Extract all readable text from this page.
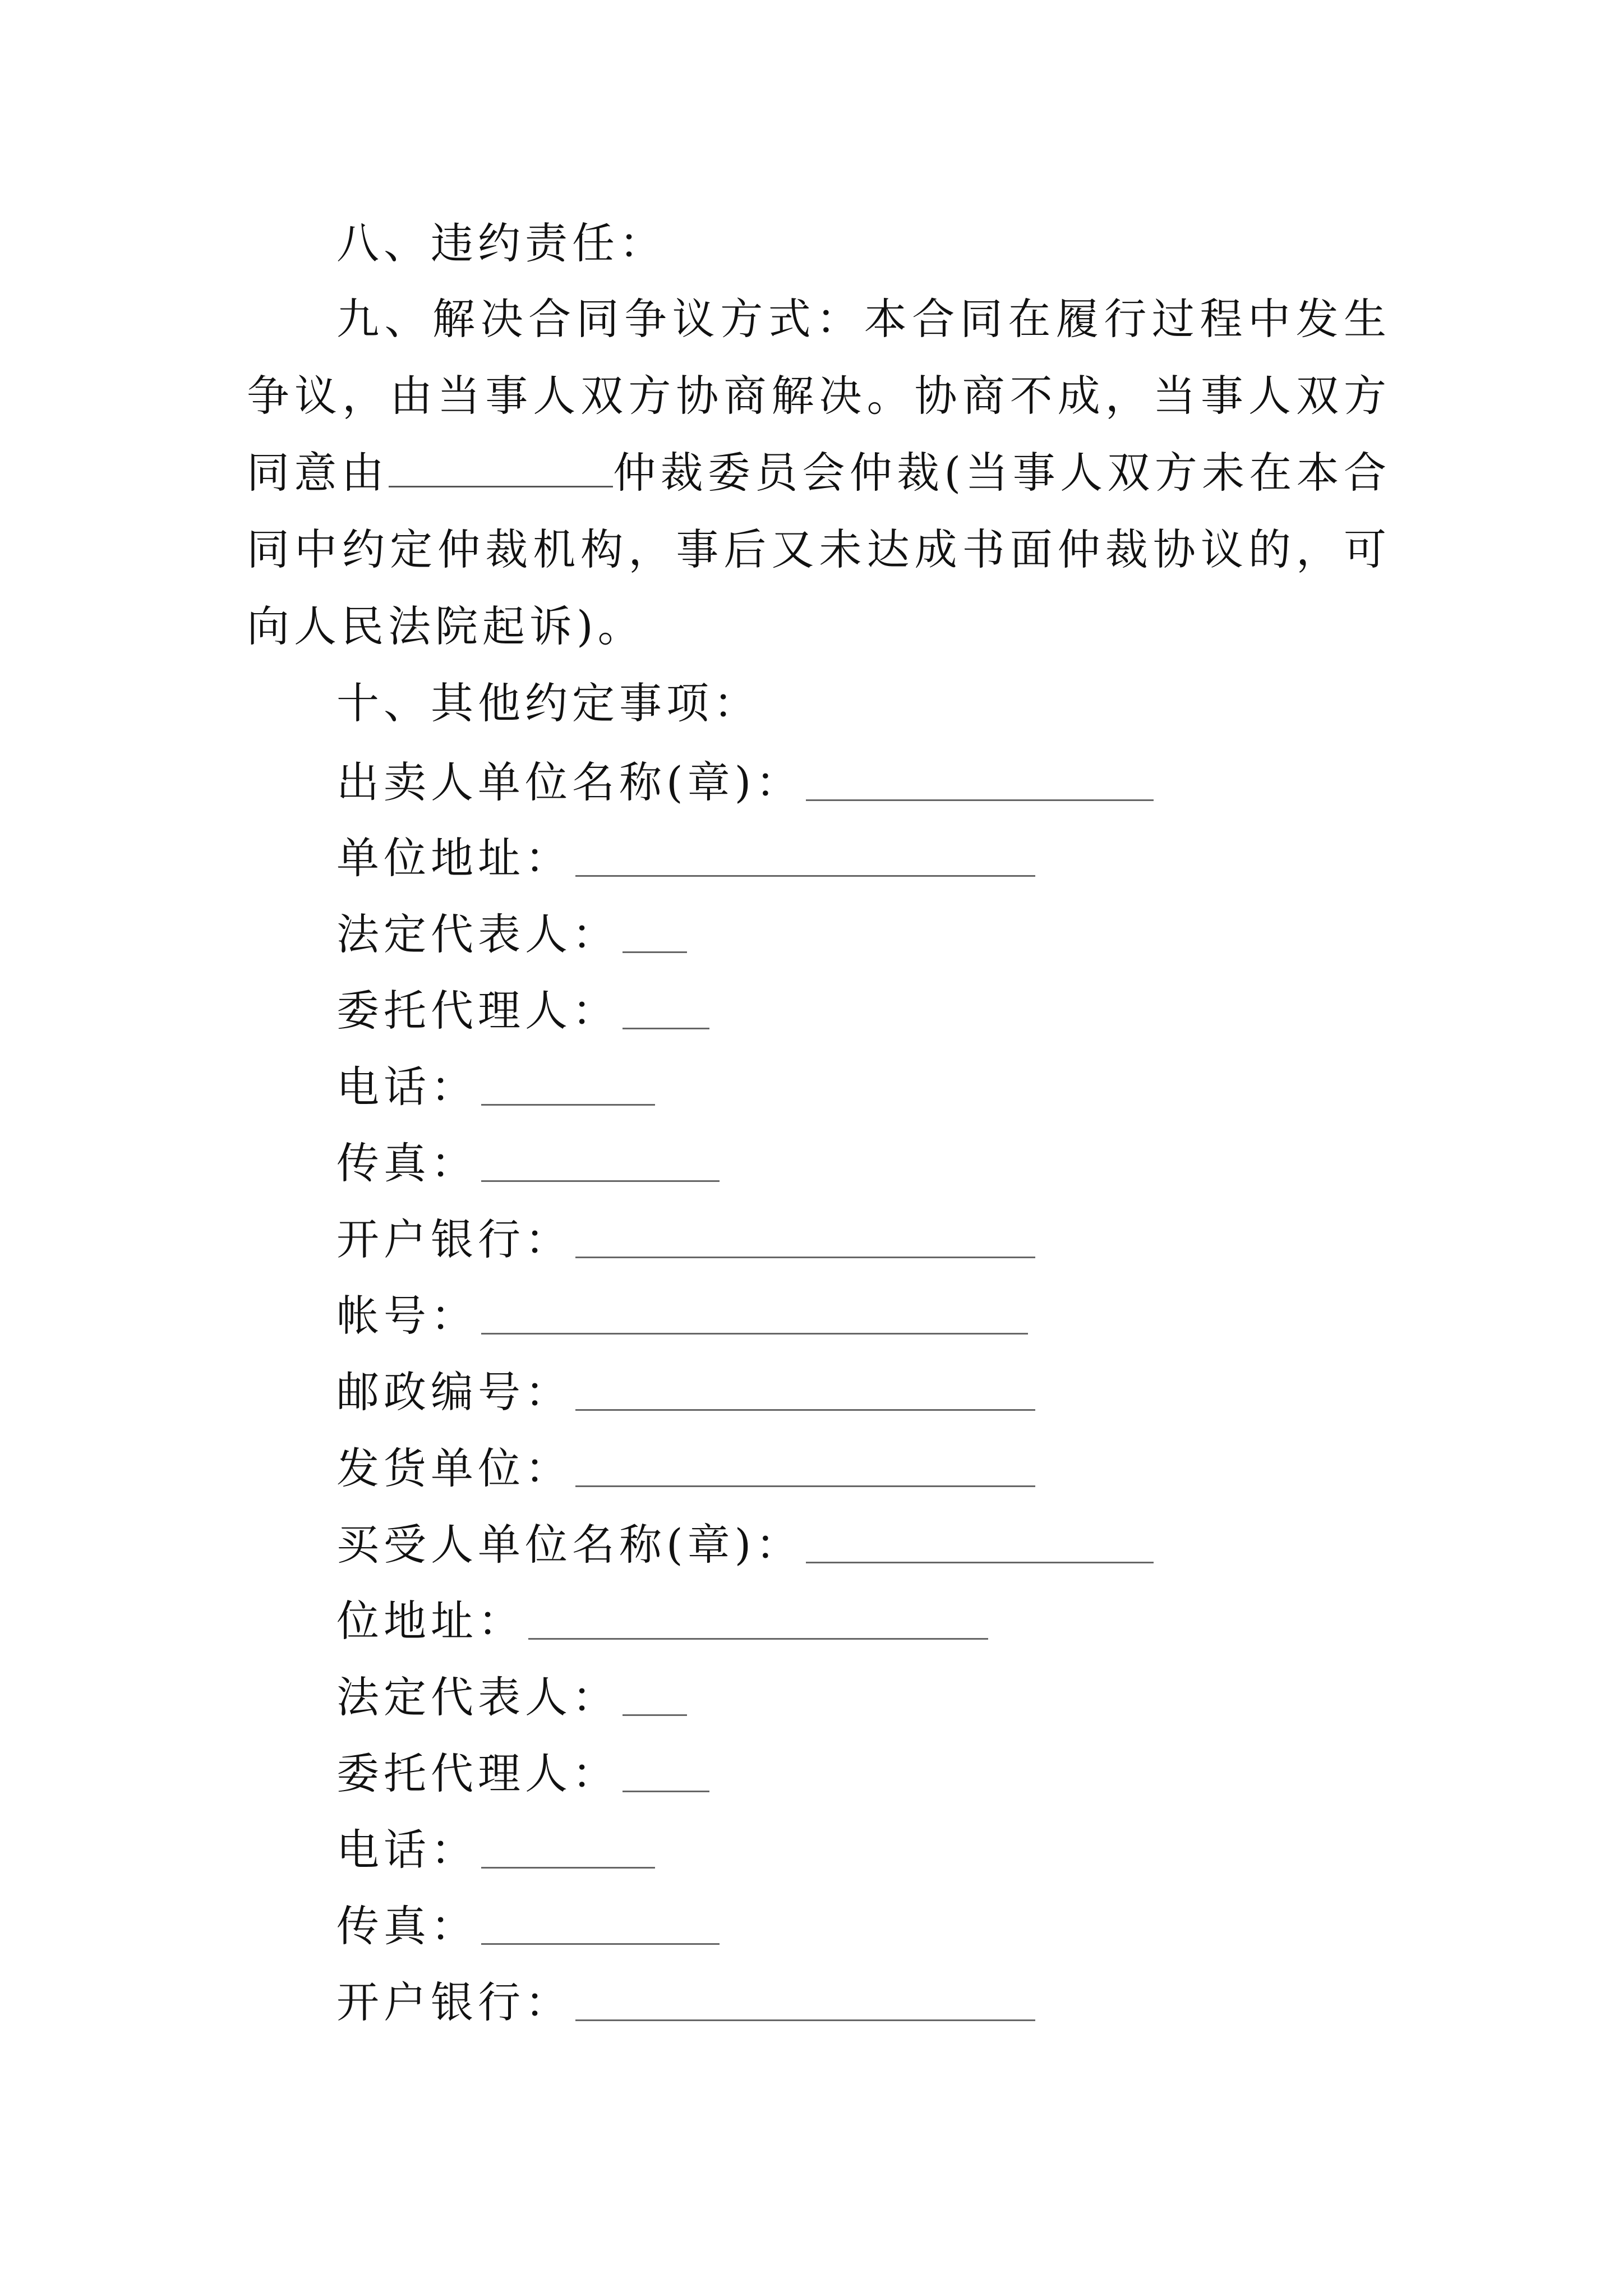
八、违约责任：
九、解决合同争议方式：本合同在履行过程中发生争议，由当事人双方协商解决。协商不成，当事人双方同意由	仲裁委员会仲裁(当事人双方未在本合同中约定仲裁机构，事后又未达成书面仲裁协议的，可向人民法院起诉)。
十、其他约定事项：
出卖人单位名称(章)：
单位地址：
法定代表人：
委托代理人：
电话：
传真：
开户银行：
帐号：
邮政编号：
发货单位：
买受人单位名称(章)：
位地址：
法定代表人：
委托代理人：
电话：
传真：
开户银行：
